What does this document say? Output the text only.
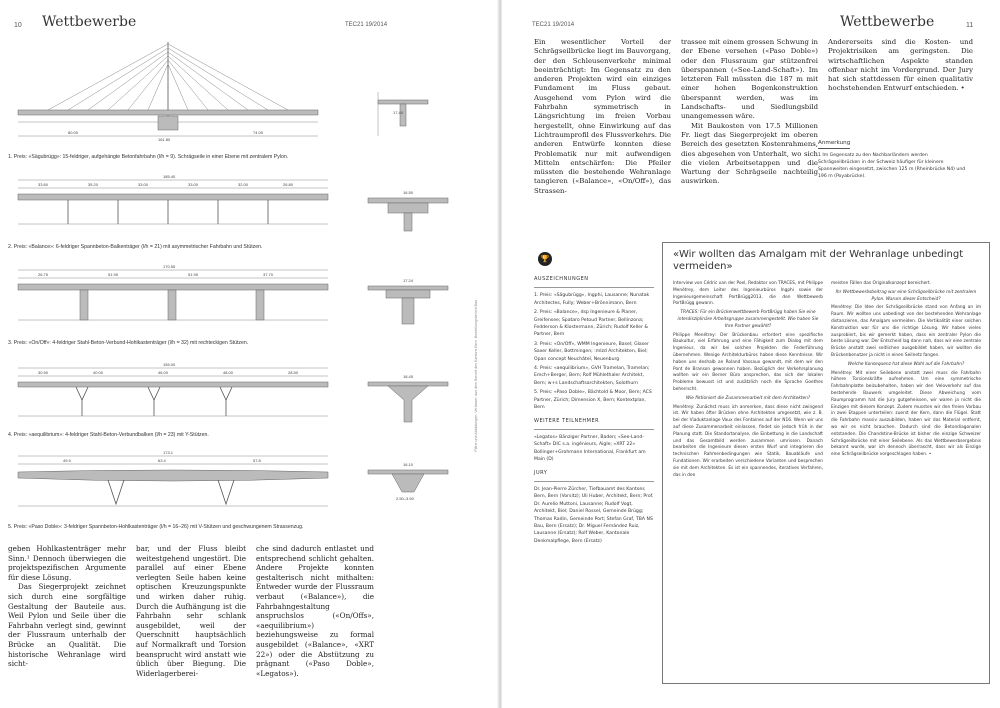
10 Wettbewerbe	TEC21 19/2014
80.00
161.80
74.00
17.40
1. Preis: «Sägubrügg»: 15-feldriger, aufgehängte Betonfahrbahn (l/h = 9). Schrägseile in einer Ebene mit zentralem Pylon.
185.40
33.60	35.20	33.00	33.00	32.00	26.80
16.50
2. Preis: «Balance»: 6-feldriger Spannbeton-Balkenträger (l/h = 21) mit asymmetrischer Fahrbahn und Stützen.
170.55
26.75	51.95	51.95	37.70
17.24
3. Preis: «On/Off»: 4-feldriger Stahl-Beton-Verbund-Hohlkastenträger (l/h = 32) mit rechteckigen Stützen.
155.00
30.50	40.00	46.00	48.00	28.50
18.45
4. Preis: «aequilibrium»: 4-feldriger Stahl-Beton-Verbundbalken (l/h = 23) mit Y-Stützen.
173.1
49.9	63.4	57.8
16.10
2.50–3.50
5. Preis: «Paso Doble»: 3-feldriger Spannbeton-Hohlkastenträger (l/h = 16–26) mit V-Stützen und geschwungenem Strassenzug.
Pläne und Abbildungen: Verfasser, aus dem Bericht des Kantons Bern, Beurteilungsbericht Bau

geben Hohlkastenträger mehr Sinn.¹ Dennoch überwiegen die projektspezifischen Argumente für diese Lösung.

Das Siegerprojekt zeichnet sich durch eine sorgfältige Gestaltung der Bauteile aus. Weil Pylon und Seile über die Fahrbahn verlegt sind, gewinnt der Flussraum unterhalb der Brücke an Qualität. Die historische Wehranlage wird sicht-

bar, und der Fluss bleibt weitestgehend ungestört. Die parallel auf einer Ebene verlegten Seile haben keine optischen Kreuzungspunkte und wirken daher ruhig. Durch die Aufhängung ist die Fahrbahn sehr schlank ausgebildet, weil der Querschnitt hauptsächlich auf Normalkraft und Torsion beansprucht wird anstatt wie üblich über Biegung. Die Widerlagerberei-

che sind dadurch entlastet und entsprechend schlicht gehalten. Andere Projekte konnten gestalterisch nicht mithalten: Entweder wurde der Flussraum verbaut («Balance»), die Fahrbahngestaltung anspruchslos («On/Offs», «aequilibrium») beziehungsweise zu formal ausgebildet («Balance», «XRT 22») oder die Abstützung zu prägnant («Paso Doble», «Legatos»).

TEC21 19/2014	Wettbewerbe	11

Ein wesentlicher Vorteil der Schrägseilbrücke liegt im Bauvorgang, der den Schleusenverkehr minimal beeinträchtigt: Im Gegensatz zu den anderen Projekten wird ein einziges Fundament im Fluss gebaut. Ausgehend vom Pylon wird die Fahrbahn symmetrisch in Längsrichtung im freien Vorbau hergestellt, ohne Einwirkung auf das Lichtraumprofil des Flussverkehrs. Die anderen Entwürfe konnten diese Problematik nur mit aufwendigen Mitteln entschärfen: Die Pfeiler müssten die bestehende Wehranlage tangieren («Balance», «On/Off»), das Strassen-

trassee mit einem grossen Schwung in der Ebene versehen («Paso Doble») oder den Flussraum gar stützenfrei überspannen («See-Land-Schaft»). Im letzteren Fall müssten die 187 m mit einer hohen Bogenkonstruktion überspannt werden, was im Landschafts- und Siedlungsbild unangemessen wäre.

Mit Baukosten von 17.5 Millionen Fr. liegt das Siegerprojekt im oberen Bereich des gesetzten Kostenrahmens, dies abgesehen von Unterhalt, wo sich die vielen Arbeitsetappen und die Wartung der Schrägseile nachteilig auswirken.

Andererseits sind die Kosten- und Projektrisiken am geringsten. Die wirtschaftlichen Aspekte standen offenbar nicht im Vordergrund. Der Jury hat sich stattdessen für einen qualitativ hochstehenden Entwurf entschieden. •

Anmerkung

1 Im Gegensatz zu den Nachbarländern werden Schrägseilbrücken in der Schweiz häufiger für kleinere Spannweiten eingesetzt, zwischen 125 m (Rheinbrücke N4) und 196 m (Poyabrücke).

🏆
AUSZEICHNUNGEN

1. Preis: «Sägubrügg», Ingphi, Lausanne; Nunatak Architectes, Fully; Weber+Brönnimann, Bern

2. Preis: «Balance», dsp Ingenieure & Planer, Greifensee; Spataro Petoud Partner, Bellinzona; Fedderson & Klostermann, Zürich; Rudolf Keller & Partner, Bern

3. Preis: «On/Off», WMM Ingenieure, Basel; Glaser Saxer Keller, Bottmingen; :mlzd Architekten, Biel; Opan concept Neuchâtel, Neuenburg

4. Preis: «aequilibrium», GVH Tramelan, Tramelan; Emch+Berger, Bern; Rolf Mühlethaler Architekt, Bern; w+s Landschaftsarchitekten, Solothurn

5. Preis: «Paso Doble», Bächtold & Moor, Bern; ACS Partner, Zürich; Dimension X, Bern; Kontextplan, Bern

WEITERE TEILNEHMER

«Legatos» Bänziger Partner, Baden; «See-Land-Schaft» DIC s.a. ingénieurs, Aigle; «XRT 22» Bollinger+Grohmann International, Frankfurt am Main (D)

JURY

Dr. Jean-Pierre Zürcher, Tiefbauamt des Kantons Bern, Bern (Vorsitz); Uli Huber, Architekt, Bern; Prof. Dr. Aurelio Muttoni, Lausanne; Rudolf Vogt, Architekt, Biel; Daniel Rossel, Gemeinde Brügg; Thomas Radin, Gemeinde Port; Stefan Graf, TBA NS Bau, Bern (Ersatz); Dr. Miguel Fernández Ruiz, Lausanne (Ersatz); Rolf Weber, Kantonale Denkmalpflege, Bern (Ersatz)

«Wir wollten das Amalgam mit der Wehranlage unbedingt vermeiden»

Interview von Cédric van der Poel, Redaktor von TRACES, mit Philippe Menétrey, dem Leiter des Ingenieurbüros Ingphi sowie der Ingenieurgemeinschaft PortBrügg2013, die den Wettbewerb PortBrügg gewann.

TRACES: Für ein Brückenwettbewerb PortBrügg haben Sie eine interdisziplinäre Arbeitsgruppe zusammengestellt. Wie haben Sie Ihre Partner gewählt?

Philippe Menétrey: Der Brückenbau erfordert eine spezifische Baukultur, viel Erfahrung und eine Fähigkeit zum Dialog mit dem Ingenieur, da wir bei solchen Projekten die Federführung übernehmen. Wenige Architekturbüros haben diese Kenntnisse. Wir haben uns deshalb an Roland Vassaux gewandt, mit dem wir den Pont de Branson gewonnen haben. Bezüglich der Verkehrsplanung wollten wir ein Berner Büro ansprechen, das sich der lokalen Probleme bewusst ist und zusätzlich noch die Sprache Goethes beherrscht.

Wie fiktioniert die Zusammenarbeit mit dem Architekten?

Menétrey: Zunächst muss ich anmerken, dass diese nicht zwingend ist. Wir haben öfter Brücken ohne Architekten umgesetzt, wie z. B. bei der Viaduktanlage Vaux des Fontaines auf der N16. Wenn wir uns auf diese Zusammenarbeit einlassen, findet sie jedoch früh in der Planung statt. Die Standortanalyse, die Einbettung in die Landschaft und das Gesamtbild werden zusammen umrissen. Danach bearbeiten die Ingenieure diesen ersten Wurf und integrieren die technischen Rahmenbedingungen wie Statik, Bauabläufe und Fundationen. Wir erarbeiten verschiedene Varianten und besprechen sie mit dem Architekten. Es ist ein spannendes, iteratives Verfahren, das in den

meisten Fällen das Originalkonzept bereichert.

Ihr Wettbewerbsbeitrag war eine Schrägseilbrücke mit zentralem Pylon. Warum dieser Entscheid?

Menétrey: Die Idee der Schrägseilbrücke stand von Anfang an im Raum. Wir wollten uns unbedingt von der bestehenden Wehranlage distanzieren, das Amalgam vermeiden. Die Vertikalität einer solchen Konstruktion war für uns die richtige Lösung. Wir haben vieles ausprobiert, bis wir gemerkt haben, dass ein zentraler Pylon die beste Lösung war. Der Entscheid lag dann nah, dass wir eine zentrale Brücke anstatt zwei seitlichen ausgebildet haben, wir wollten die Brückenbenutzer ja nicht in einen Seilnetz fangen.

Welche Konsequenz hat diese Wahl auf die Fahrbahn?

Menétrey: Mit einer Seilebene anstatt zwei muss die Fahrbahn höhere Torsionskräfte aufnehmen. Um eine symmetrische Fahrbahnplatte beizubehalten, haben wir den Veloverkehr auf das bestehende Bauwerk umgeleitet. Diese Abweichung vom Raumprogramm hat die Jury gutgeheissen, wir waren ja nicht die Einzigen mit diesem Konzept. Zudem mussten wir den freien Vorbau in zwei Etappen unterteilen: zuerst der Kern, dann die Flügel. Statt die Fahrbahn massiv auszubilden, haben wir das Material entfernt, wo wir es nicht brauchen. Dadurch sind die Betondiagonalen entstanden. Die Chandstine-Brücke ist bisher die einzige Schweizer Schrägseilbrücke mit einer Seilebene. Als das Wettbewerbsergebnis bekannt wurde, war ich dennoch überrascht, dass wir als Einzige eine Schrägseilbrücke vorgeschlagen haben. •
